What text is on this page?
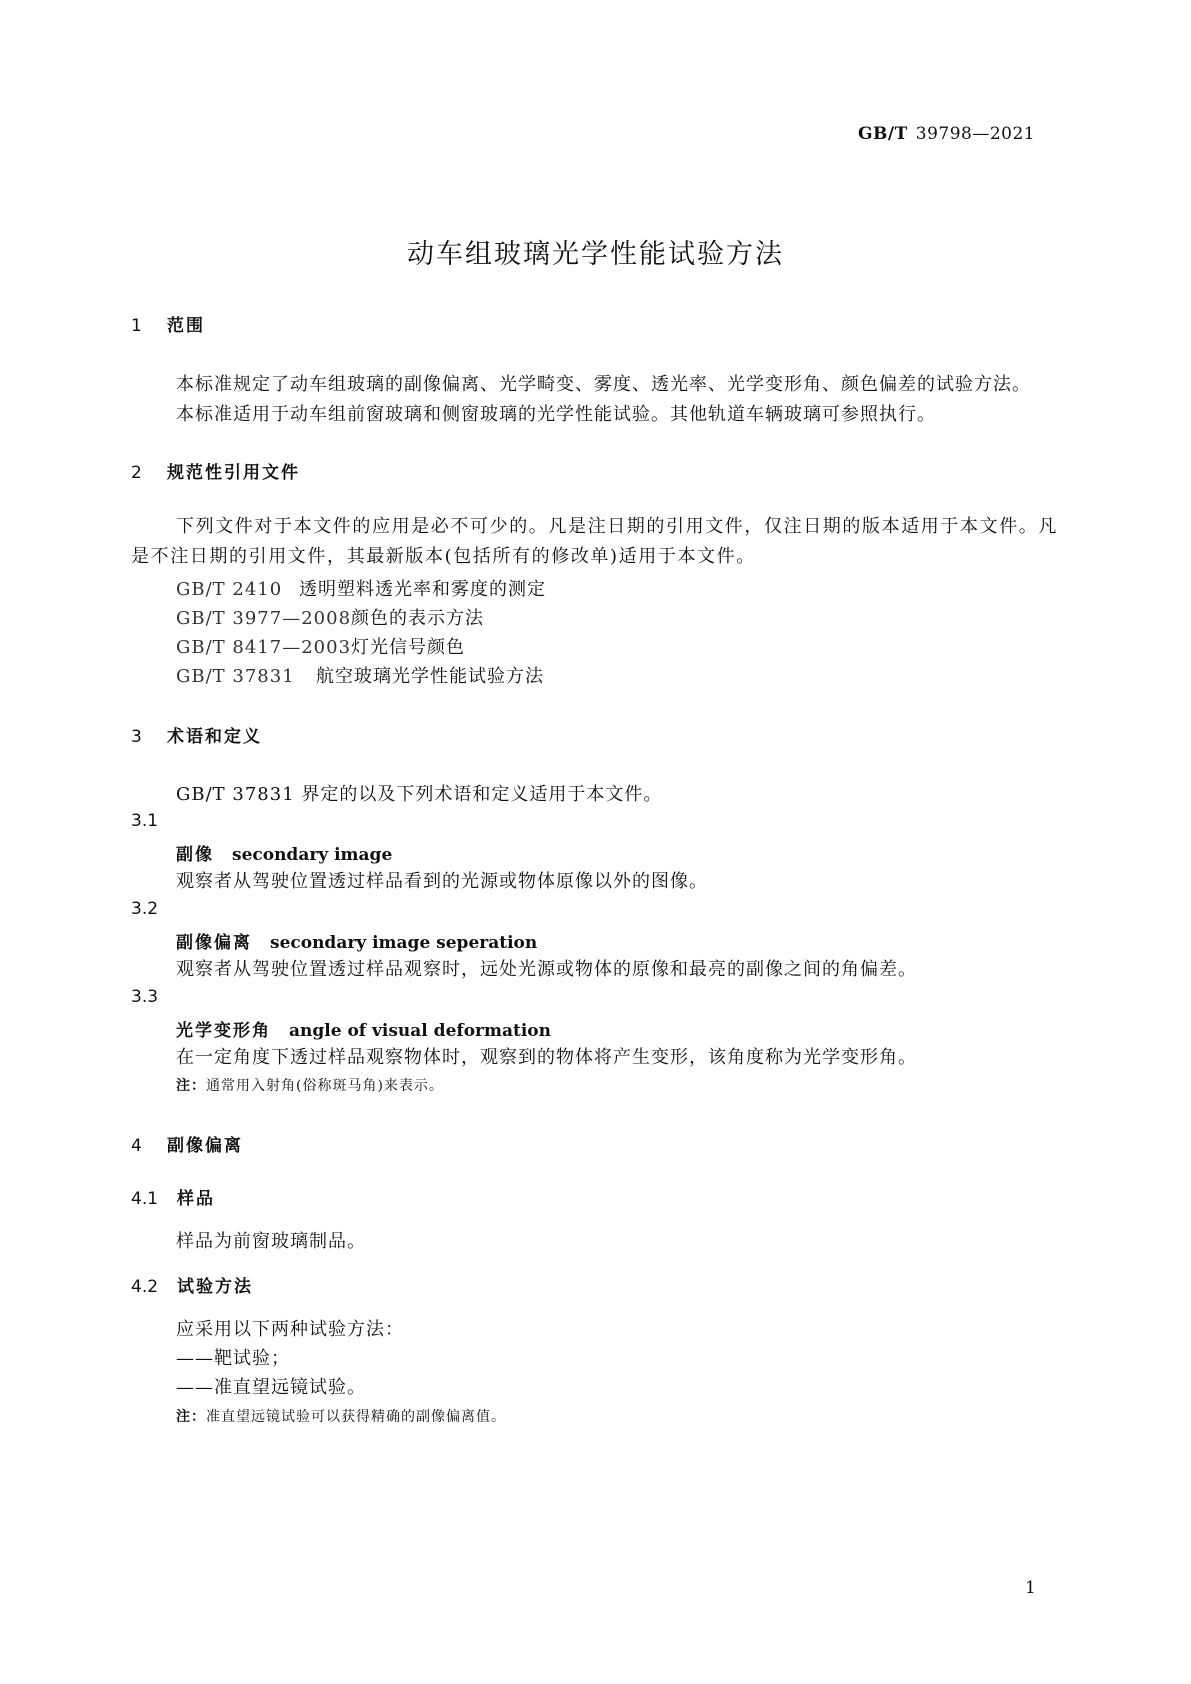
GB/T 39798—2021
动车组玻璃光学性能试验方法
1 范围
本标准规定了动车组玻璃的副像偏离、光学畸变、雾度、透光率、光学变形角、颜色偏差的试验方法。
本标准适用于动车组前窗玻璃和侧窗玻璃的光学性能试验。其他轨道车辆玻璃可参照执行。
2 规范性引用文件
下列文件对于本文件的应用是必不可少的。凡是注日期的引用文件，仅注日期的版本适用于本文件。凡是不注日期的引用文件，其最新版本(包括所有的修改单)适用于本文件。
GB/T 2410 透明塑料透光率和雾度的测定
GB/T 3977—2008颜色的表示方法
GB/T 8417—2003灯光信号颜色
GB/T 37831 航空玻璃光学性能试验方法
3 术语和定义
GB/T 37831 界定的以及下列术语和定义适用于本文件。
3.1
副像 secondary image
观察者从驾驶位置透过样品看到的光源或物体原像以外的图像。
3.2
副像偏离 secondary image seperation
观察者从驾驶位置透过样品观察时，远处光源或物体的原像和最亮的副像之间的角偏差。
3.3
光学变形角 angle of visual deformation
在一定角度下透过样品观察物体时，观察到的物体将产生变形，该角度称为光学变形角。
注：通常用入射角(俗称斑马角)来表示。
4 副像偏离
4.1 样品
样品为前窗玻璃制品。
4.2 试验方法
应采用以下两种试验方法：
——靶试验；
——准直望远镜试验。
注：准直望远镜试验可以获得精确的副像偏离值。
1
